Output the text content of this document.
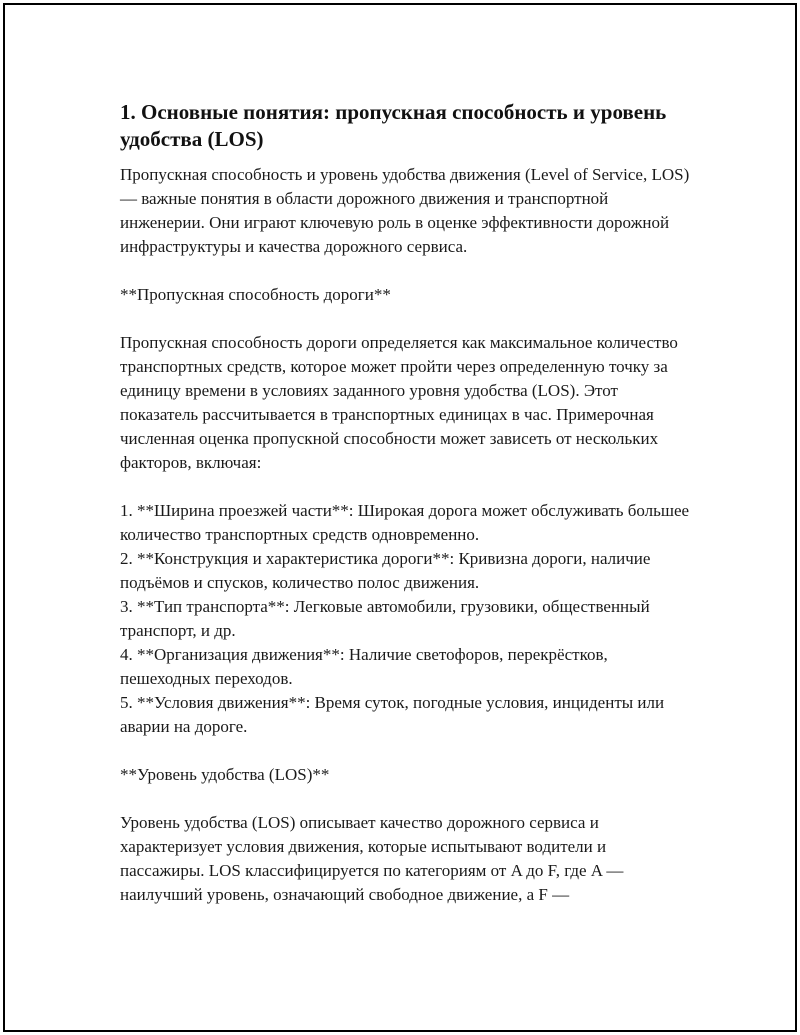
1. Основные понятия: пропускная способность и уровень удобства (LOS)

Пропускная способность и уровень удобства движения (Level of Service, LOS) — важные понятия в области дорожного движения и транспортной инженерии. Они играют ключевую роль в оценке эффективности дорожной инфраструктуры и качества дорожного сервиса.

**Пропускная способность дороги**

Пропускная способность дороги определяется как максимальное количество транспортных средств, которое может пройти через определенную точку за единицу времени в условиях заданного уровня удобства (LOS). Этот показатель рассчитывается в транспортных единицах в час. Примерочная численная оценка пропускной способности может зависеть от нескольких факторов, включая:

1. **Ширина проезжей части**: Широкая дорога может обслуживать большее количество транспортных средств одновременно.
2. **Конструкция и характеристика дороги**: Кривизна дороги, наличие подъёмов и спусков, количество полос движения.
3. **Тип транспорта**: Легковые автомобили, грузовики, общественный транспорт, и др.
4. **Организация движения**: Наличие светофоров, перекрёстков, пешеходных переходов.
5. **Условия движения**: Время суток, погодные условия, инциденты или аварии на дороге.

**Уровень удобства (LOS)**

Уровень удобства (LOS) описывает качество дорожного сервиса и характеризует условия движения, которые испытывают водители и пассажиры. LOS классифицируется по категориям от A до F, где A — наилучший уровень, означающий свободное движение, а F —
